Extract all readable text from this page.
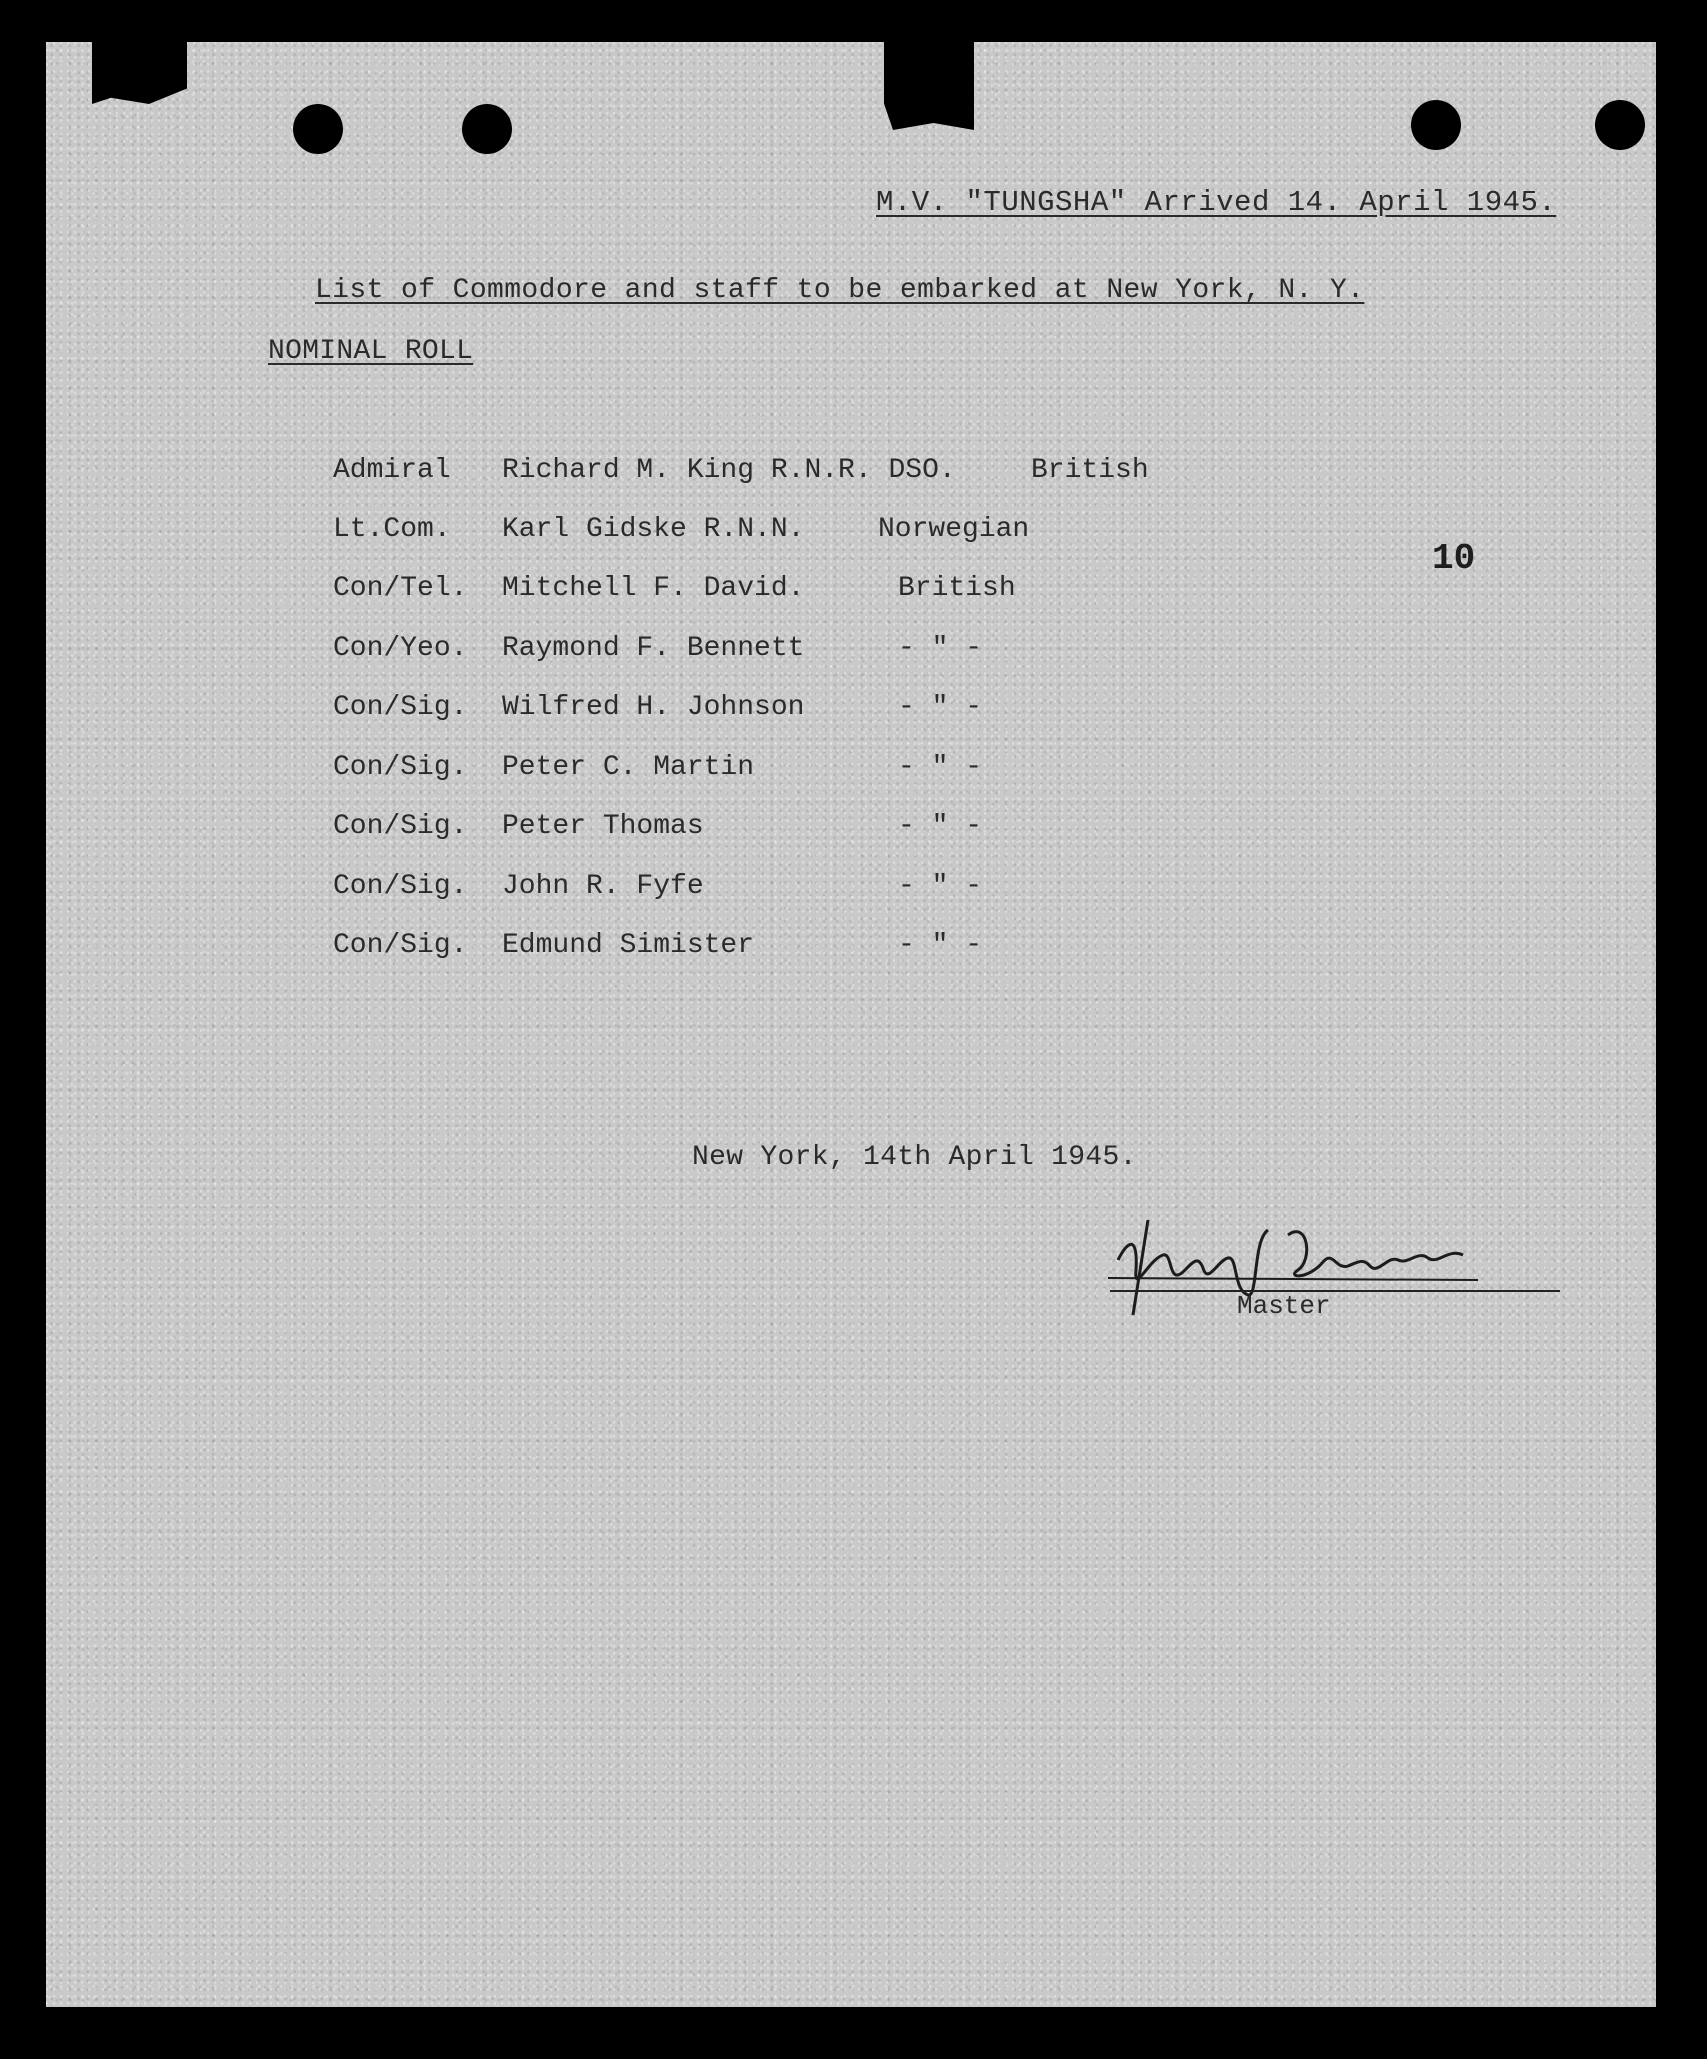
M.V. "TUNGSHA" Arrived 14. April 1945.
List of Commodore and staff to be embarked at New York, N. Y.
NOMINAL ROLL
10
Admiral Richard M. King R.N.R. DSO.	British
Lt.Com. Karl Gidske R.N.N.	Norwegian
Con/Tel. Mitchell F. David.	British
Con/Yeo. Raymond F. Bennett	- " -
Con/Sig. Wilfred H. Johnson	- " -
Con/Sig. Peter C. Martin	- " -
Con/Sig. Peter Thomas	- " -
Con/Sig. John R. Fyfe	- " -
Con/Sig. Edmund Simister	- " -
New York, 14th April 1945.
Master
